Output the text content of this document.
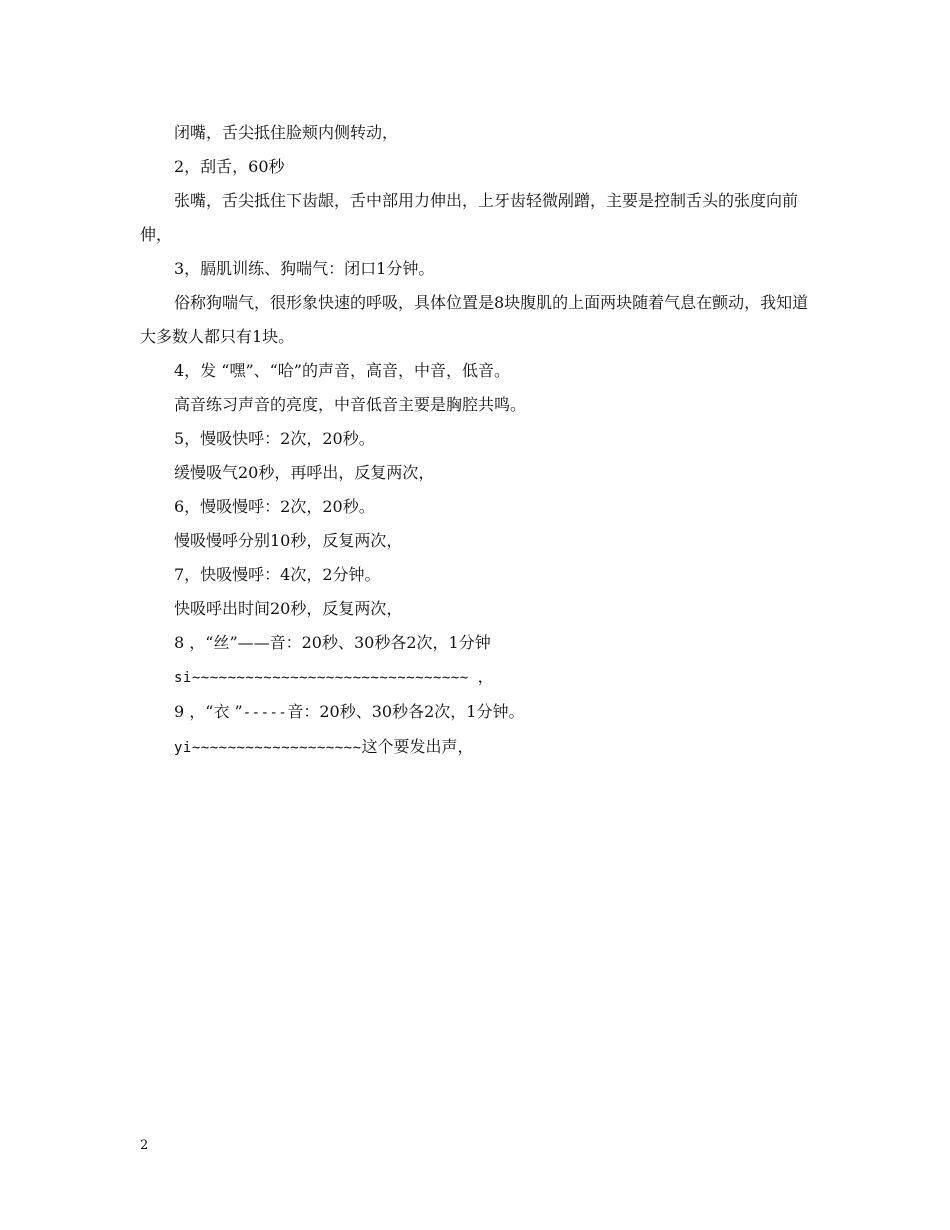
闭嘴，舌尖抵住脸颊内侧转动，

2，刮舌，60秒

张嘴，舌尖抵住下齿龈，舌中部用力伸出，上牙齿轻微剐蹭，主要是控制舌头的张度向前伸，

3，膈肌训练、狗喘气：闭口1分钟。

俗称狗喘气，很形象快速的呼吸，具体位置是8块腹肌的上面两块随着气息在颤动，我知道大多数人都只有1块。

4，发 “嘿”、“哈”的声音，高音，中音，低音。

高音练习声音的亮度，中音低音主要是胸腔共鸣。

5，慢吸快呼：2次，20秒。

缓慢吸气20秒，再呼出，反复两次，

6，慢吸慢呼：2次，20秒。

慢吸慢呼分别10秒，反复两次，

7，快吸慢呼：4次，2分钟。

快吸呼出时间20秒，反复两次，

8 ，“丝”——音：20秒、30秒各2次，1分钟

si~~~~~~~~~~~~~~~~~~~~~~~~~~~~~~~ ，

9 ，“衣 ”-----音：20秒、30秒各2次，1分钟。

yi~~~~~~~~~~~~~~~~~~~这个要发出声，

2
